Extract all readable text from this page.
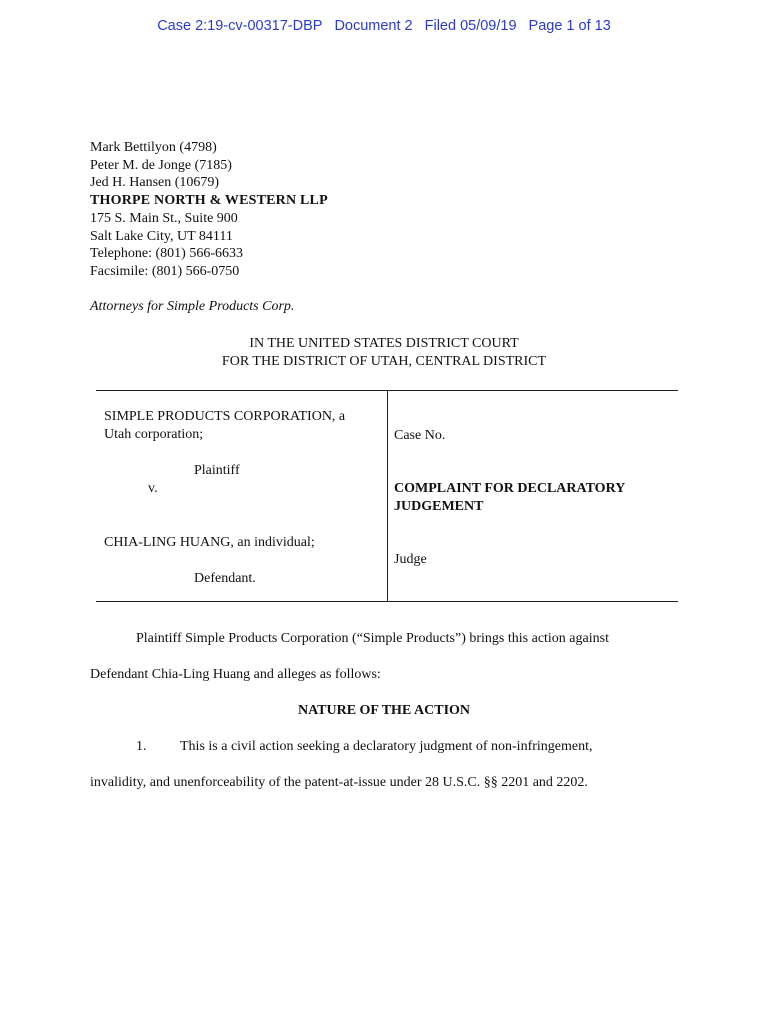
Case 2:19-cv-00317-DBP Document 2 Filed 05/09/19 Page 1 of 13
Mark Bettilyon (4798)
Peter M. de Jonge (7185)
Jed H. Hansen (10679)
THORPE NORTH & WESTERN LLP
175 S. Main St., Suite 900
Salt Lake City, UT 84111
Telephone: (801) 566-6633
Facsimile: (801) 566-0750
Attorneys for Simple Products Corp.
IN THE UNITED STATES DISTRICT COURT
FOR THE DISTRICT OF UTAH, CENTRAL DISTRICT
SIMPLE PRODUCTS CORPORATION, a
Utah corporation;
Plaintiff
v.
CHIA-LING HUANG, an individual;
Defendant.
Case No.
COMPLAINT FOR DECLARATORY
JUDGEMENT
Judge
Plaintiff Simple Products Corporation (“Simple Products”) brings this action against
Defendant Chia-Ling Huang and alleges as follows:
NATURE OF THE ACTION
1. This is a civil action seeking a declaratory judgment of non-infringement,
invalidity, and unenforceability of the patent-at-issue under 28 U.S.C. §§ 2201 and 2202.
